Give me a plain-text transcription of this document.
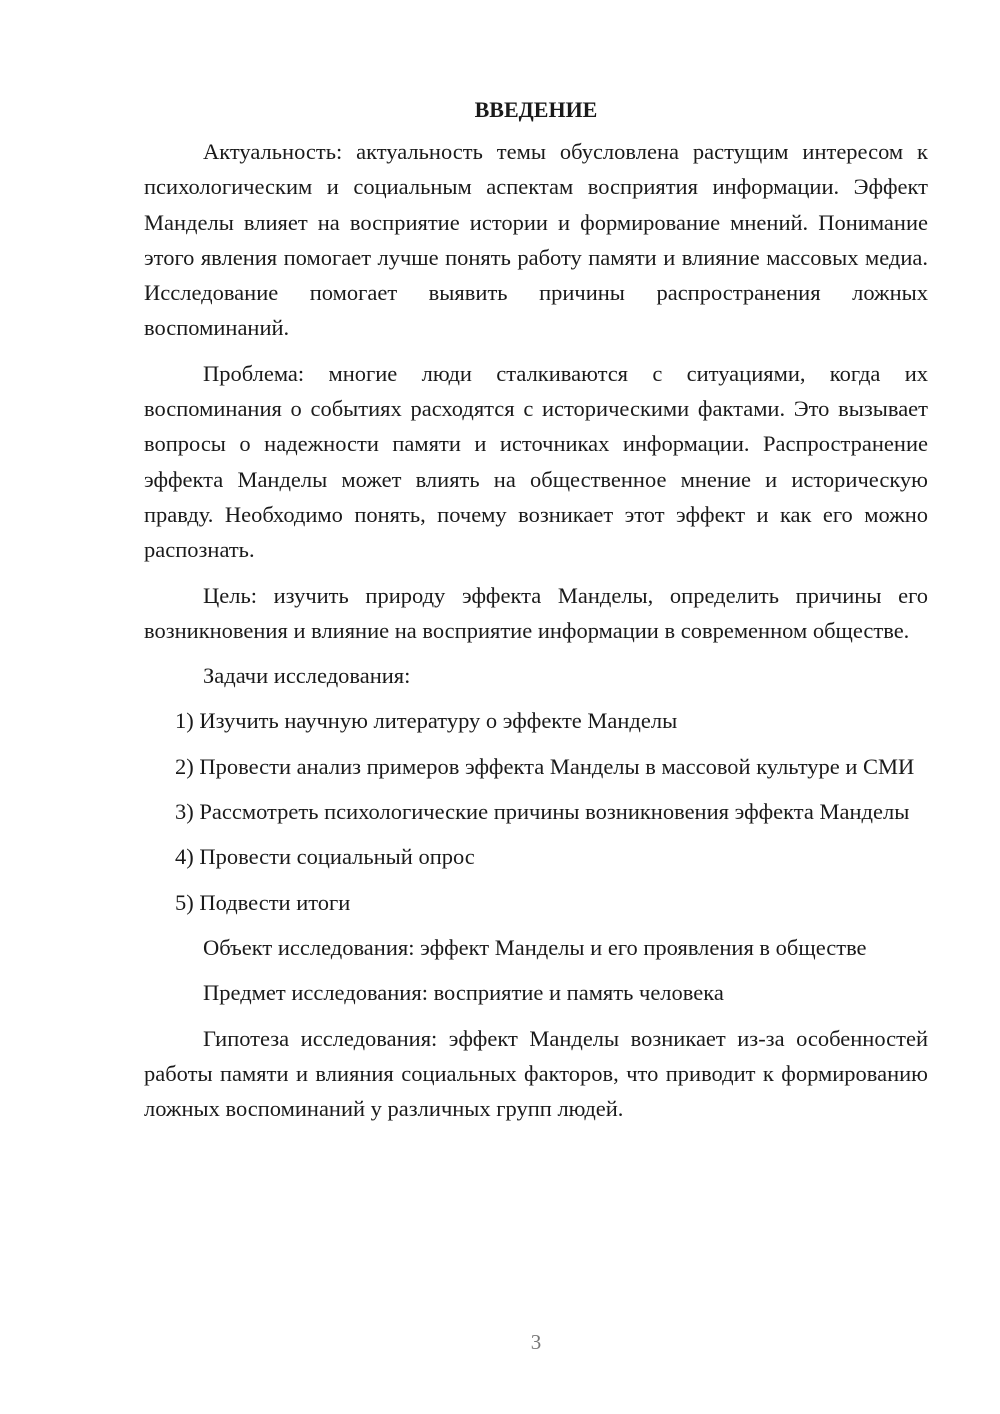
ВВЕДЕНИЕ

Актуальность: актуальность темы обусловлена растущим интересом к психологическим и социальным аспектам восприятия информации. Эффект Манделы влияет на восприятие истории и формирование мнений. Понимание этого явления помогает лучше понять работу памяти и влияние массовых медиа. Исследование помогает выявить причины распространения ложных воспоминаний.

Проблема: многие люди сталкиваются с ситуациями, когда их воспоминания о событиях расходятся с историческими фактами. Это вызывает вопросы о надежности памяти и источниках информации. Распространение эффекта Манделы может влиять на общественное мнение и историческую правду. Необходимо понять, почему возникает этот эффект и как его можно распознать.

Цель: изучить природу эффекта Манделы, определить причины его возникновения и влияние на восприятие информации в современном обществе.

Задачи исследования:

1) Изучить научную литературу о эффекте Манделы

2) Провести анализ примеров эффекта Манделы в массовой культуре и СМИ

3) Рассмотреть психологические причины возникновения эффекта Манделы

4) Провести социальный опрос

5) Подвести итоги

Объект исследования: эффект Манделы и его проявления в обществе

Предмет исследования: восприятие и память человека

Гипотеза исследования: эффект Манделы возникает из-за особенностей работы памяти и влияния социальных факторов, что приводит к формированию ложных воспоминаний у различных групп людей.

3
